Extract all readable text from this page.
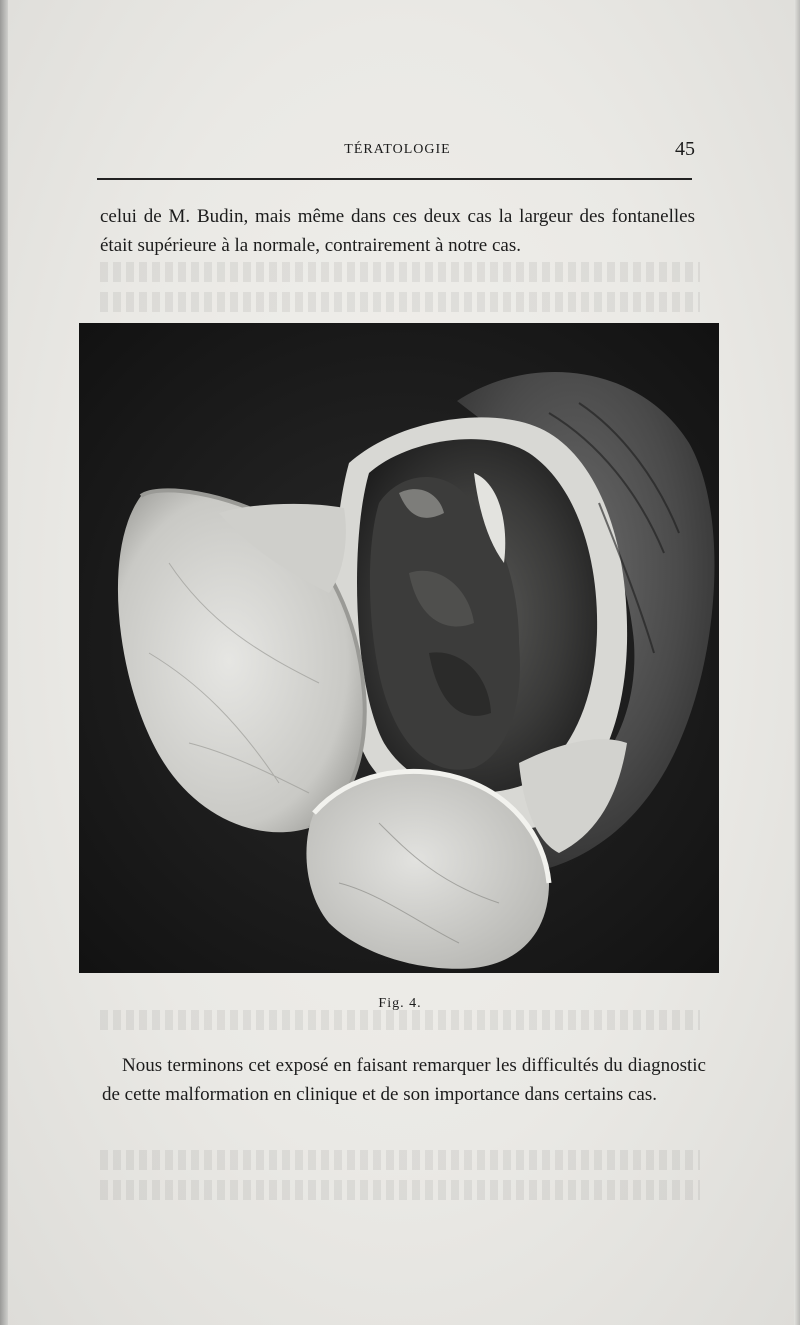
TÉRATOLOGIE	45

celui de M. Budin, mais même dans ces deux cas la largeur des fontanelles était supérieure à la normale, contrairement à notre cas.

Fig. 4.

Nous terminons cet exposé en faisant remarquer les difficultés du diagnostic de cette malformation en clinique et de son importance dans certains cas.
